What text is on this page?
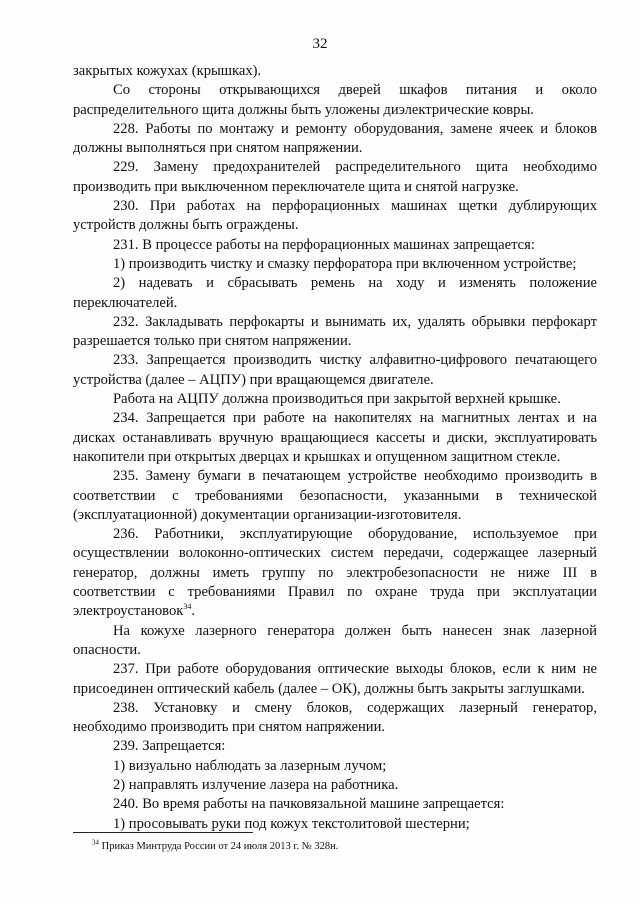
32

закрытых кожухах (крышках).

Со стороны открывающихся дверей шкафов питания и около распределительного щита должны быть уложены диэлектрические ковры.

228. Работы по монтажу и ремонту оборудования, замене ячеек и блоков должны выполняться при снятом напряжении.

229. Замену предохранителей распределительного щита необходимо производить при выключенном переключателе щита и снятой нагрузке.

230. При работах на перфорационных машинах щетки дублирующих устройств должны быть ограждены.

231. В процессе работы на перфорационных машинах запрещается:

1) производить чистку и смазку перфоратора при включенном устройстве;

2) надевать и сбрасывать ремень на ходу и изменять положение переключателей.

232. Закладывать перфокарты и вынимать их, удалять обрывки перфокарт разрешается только при снятом напряжении.

233. Запрещается производить чистку алфавитно-цифрового печатающего устройства (далее – АЦПУ) при вращающемся двигателе.

Работа на АЦПУ должна производиться при закрытой верхней крышке.

234. Запрещается при работе на накопителях на магнитных лентах и на дисках останавливать вручную вращающиеся кассеты и диски, эксплуатировать накопители при открытых дверцах и крышках и опущенном защитном стекле.

235. Замену бумаги в печатающем устройстве необходимо производить в соответствии с требованиями безопасности, указанными в технической (эксплуатационной) документации организации-изготовителя.

236. Работники, эксплуатирующие оборудование, используемое при осуществлении волоконно-оптических систем передачи, содержащее лазерный генератор, должны иметь группу по электробезопасности не ниже III в соответствии с требованиями Правил по охране труда при эксплуатации электроустановок$^{34}$.

На кожухе лазерного генератора должен быть нанесен знак лазерной опасности.

237. При работе оборудования оптические выходы блоков, если к ним не присоединен оптический кабель (далее – ОК), должны быть закрыты заглушками.

238. Установку и смену блоков, содержащих лазерный генератор, необходимо производить при снятом напряжении.

239. Запрещается:

1) визуально наблюдать за лазерным лучом;

2) направлять излучение лазера на работника.

240. Во время работы на пачковязальной машине запрещается:

1) просовывать руки под кожух текстолитовой шестерни;

$^{34}$ Приказ Минтруда России от 24 июля 2013 г. № 328н.
